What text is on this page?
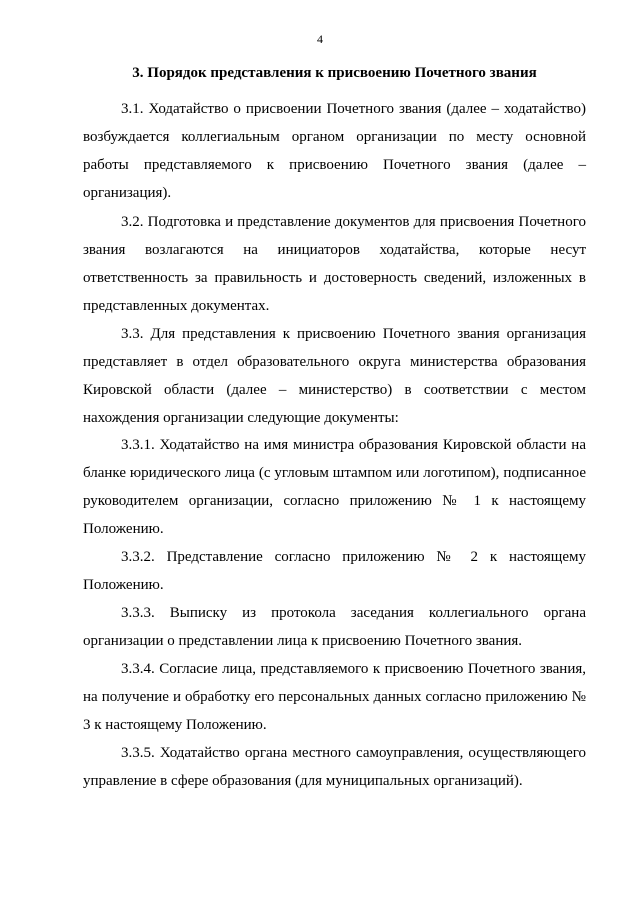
4
3. Порядок представления к присвоению Почетного звания

3.1. Ходатайство о присвоении Почетного звания (далее – ходатайство) возбуждается коллегиальным органом организации по месту основной работы представляемого к присвоению Почетного звания (далее – организация).

3.2. Подготовка и представление документов для присвоения Почетного звания возлагаются на инициаторов ходатайства, которые несут ответственность за правильность и достоверность сведений, изложенных в представленных документах.

3.3. Для представления к присвоению Почетного звания организация представляет в отдел образовательного округа министерства образования Кировской области (далее – министерство) в соответствии с местом нахождения организации следующие документы:

3.3.1. Ходатайство на имя министра образования Кировской области на бланке юридического лица (с угловым штампом или логотипом), подписанное руководителем организации, согласно приложению № 1 к настоящему Положению.

3.3.2. Представление согласно приложению № 2 к настоящему Положению.

3.3.3. Выписку из протокола заседания коллегиального органа организации о представлении лица к присвоению Почетного звания.

3.3.4. Согласие лица, представляемого к присвоению Почетного звания, на получение и обработку его персональных данных согласно приложению № 3 к настоящему Положению.

3.3.5. Ходатайство органа местного самоуправления, осуществляющего управление в сфере образования (для муниципальных организаций).
